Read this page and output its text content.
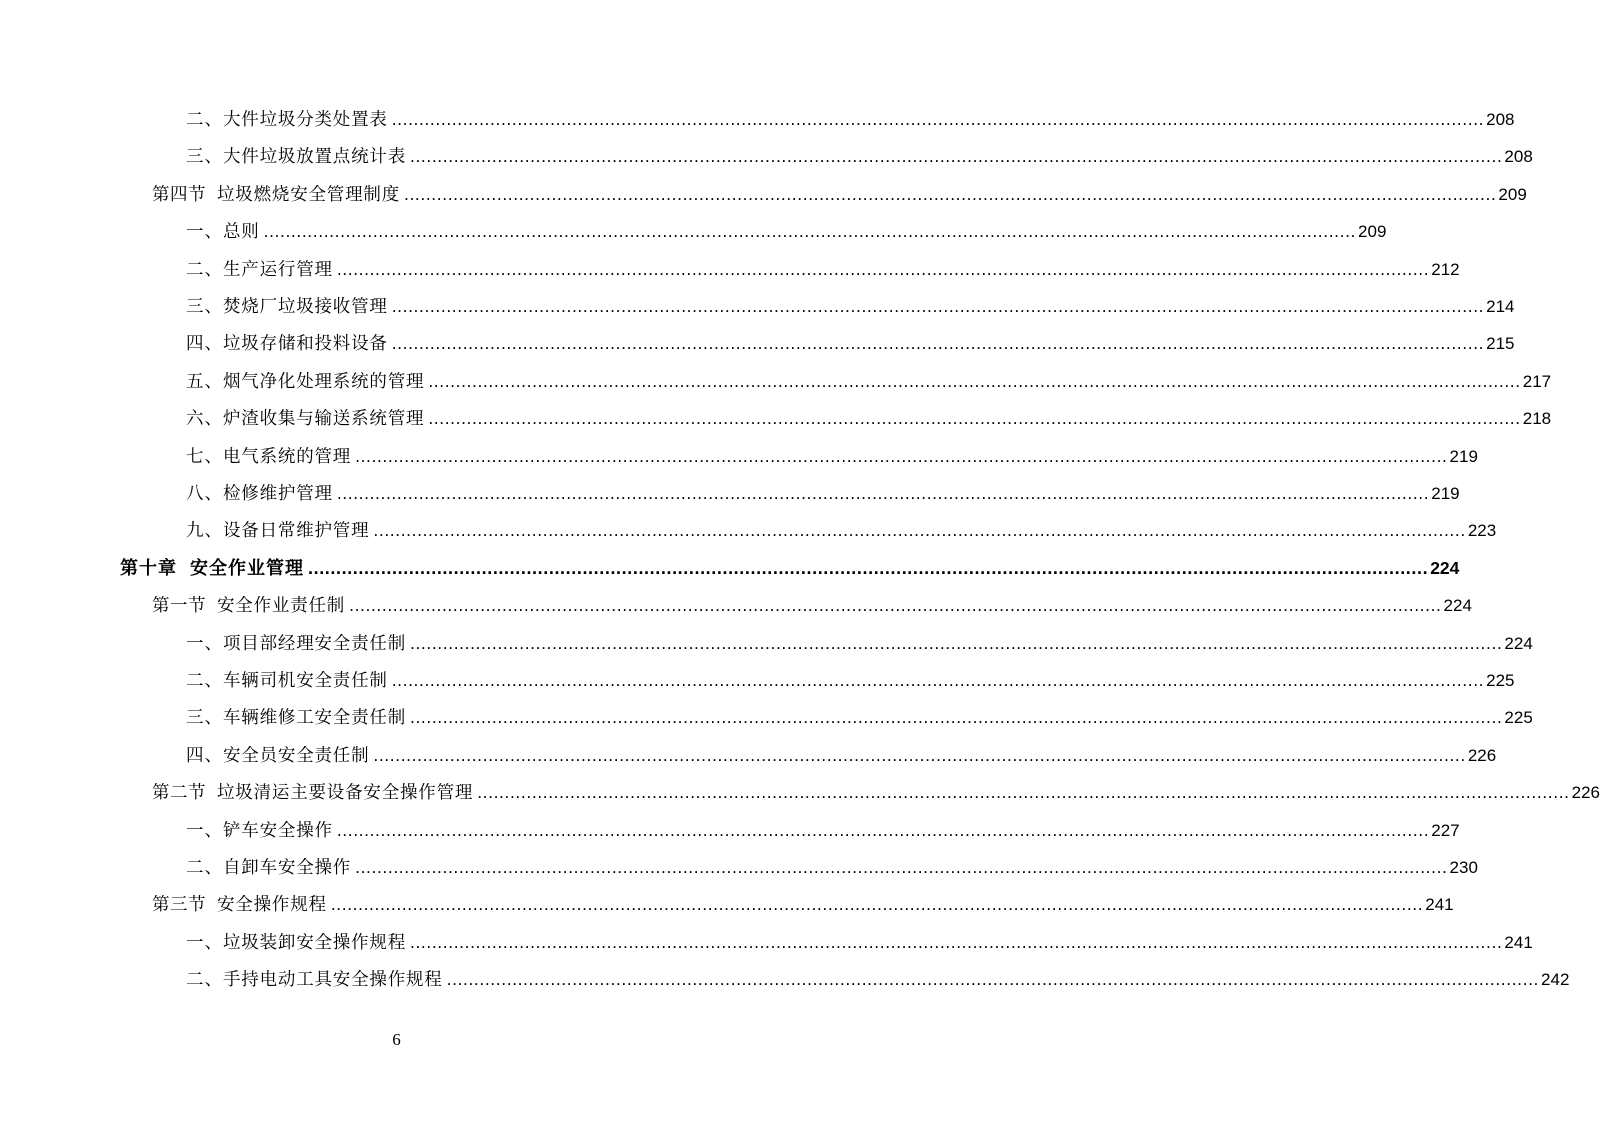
二、 大件垃圾分类处置表 ........................................................................................................................................................................................................ 208
三、 大件垃圾放置点统计表 ........................................................................................................................................................................................................ 208
第四节 垃圾燃烧安全管理制度 ........................................................................................................................................................................................................ 209
一、 总则 ........................................................................................................................................................................................................ 209
二、 生产运行管理 ........................................................................................................................................................................................................ 212
三、 焚烧厂垃圾接收管理 ........................................................................................................................................................................................................ 214
四、 垃圾存储和投料设备 ........................................................................................................................................................................................................ 215
五、 烟气净化处理系统的管理 ........................................................................................................................................................................................................ 217
六、 炉渣收集与输送系统管理 ........................................................................................................................................................................................................ 218
七、 电气系统的管理 ........................................................................................................................................................................................................ 219
八、 检修维护管理 ........................................................................................................................................................................................................ 219
九、 设备日常维护管理 ........................................................................................................................................................................................................ 223
第十章 安全作业管理 ........................................................................................................................................................................................................ 224
第一节 安全作业责任制 ........................................................................................................................................................................................................ 224
一、 项目部经理安全责任制 ........................................................................................................................................................................................................ 224
二、 车辆司机安全责任制 ........................................................................................................................................................................................................ 225
三、 车辆维修工安全责任制 ........................................................................................................................................................................................................ 225
四、 安全员安全责任制 ........................................................................................................................................................................................................ 226
第二节 垃圾清运主要设备安全操作管理 ........................................................................................................................................................................................................ 226
一、 铲车安全操作 ........................................................................................................................................................................................................ 227
二、 自卸车安全操作 ........................................................................................................................................................................................................ 230
第三节 安全操作规程 ........................................................................................................................................................................................................ 241
一、 垃圾装卸安全操作规程 ........................................................................................................................................................................................................ 241
二、 手持电动工具安全操作规程 ........................................................................................................................................................................................................ 242
6
